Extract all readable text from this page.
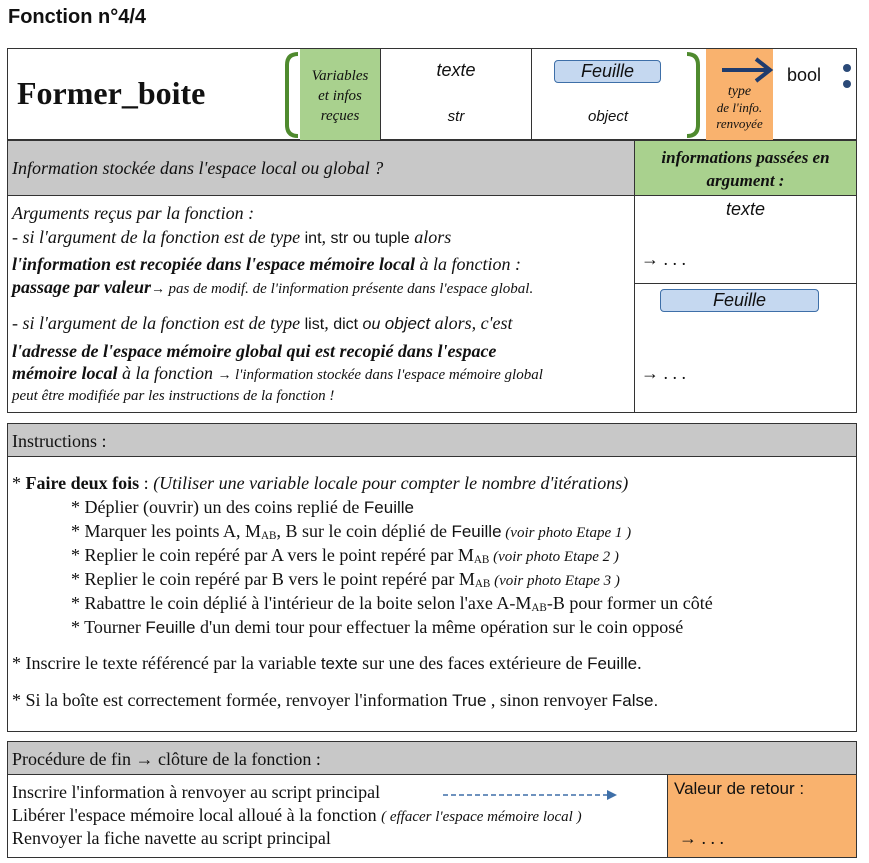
Fonction n°4/4
Former_boite	Variables
et infos
reçues
texte
str
Feuille
object
type
de l'info.
renvoyée
bool
Information stockée dans l'espace local ou global ?
informations passées en
argument :
Arguments reçus par la fonction :
- si l'argument de la fonction est de type int, str ou tuple alors
l'information est recopiée dans l'espace mémoire local à la fonction :
passage par valeur→ pas de modif. de l'information présente dans l'espace global.
- si l'argument de la fonction est de type list, dict ou object alors, c'est
l'adresse de l'espace mémoire global qui est recopié dans l'espace
mémoire local à la fonction → l'information stockée dans l'espace mémoire global
peut être modifiée par les instructions de la fonction !
texte
→ . . .
Feuille
→ . . .
Instructions :
* Faire deux fois : (Utiliser une variable locale pour compter le nombre d'itérations)
* Déplier (ouvrir) un des coins replié de Feuille
* Marquer les points A, $M_{AB}$, B sur le coin déplié de Feuille (voir photo Etape 1 )
* Replier le coin repéré par A vers le point repéré par $M_{AB}$ (voir photo Etape 2 )
* Replier le coin repéré par B vers le point repéré par $M_{AB}$ (voir photo Etape 3 )
* Rabattre le coin déplié à l'intérieur de la boite selon l'axe $A-M_{AB}-B$ pour former un côté
* Tourner Feuille d'un demi tour pour effectuer la même opération sur le coin opposé
* Inscrire le texte référencé par la variable texte sur une des faces extérieure de Feuille.
* Si la boîte est correctement formée, renvoyer l'information True , sinon renvoyer False.
Procédure de fin → clôture de la fonction :
Inscrire l'information à renvoyer au script principal
Libérer l'espace mémoire local alloué à la fonction ( effacer l'espace mémoire local )
Renvoyer la fiche navette au script principal
Valeur de retour :
→ . . .
